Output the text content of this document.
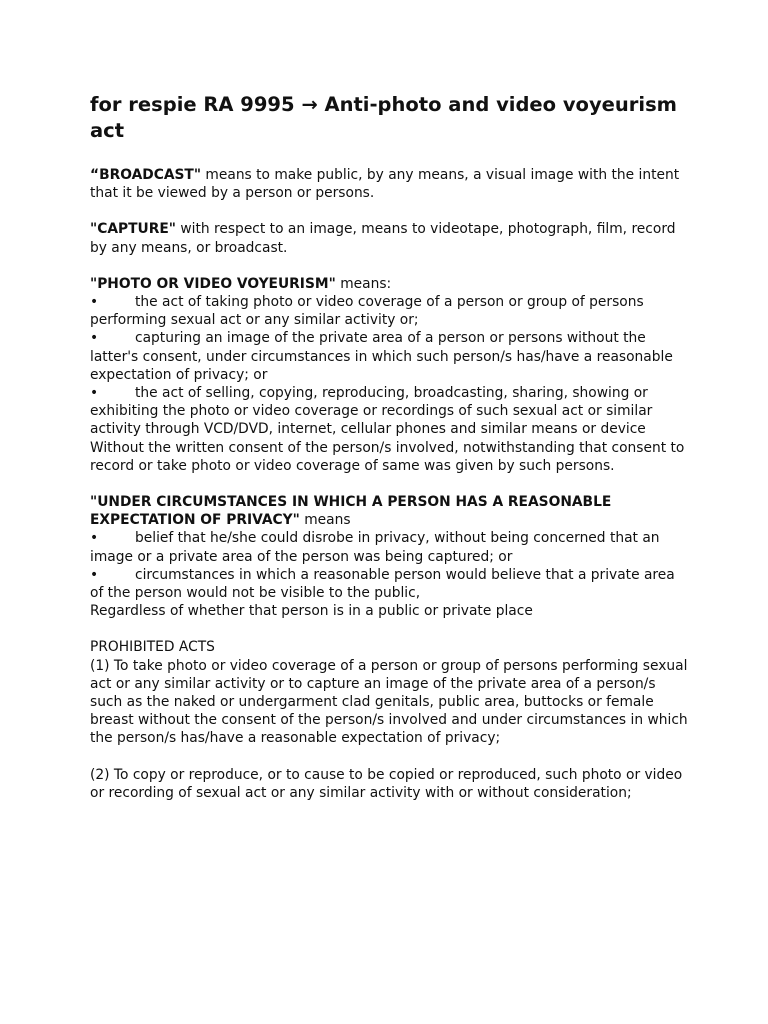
for respie RA 9995 → Anti-photo and video voyeurism act
“BROADCAST" means to make public, by any means, a visual image with the intent that it be viewed by a person or persons.
"CAPTURE" with respect to an image, means to videotape, photograph, film, record by any means, or broadcast.
"PHOTO OR VIDEO VOYEURISM" means:
•	the act of taking photo or video coverage of a person or group of persons performing sexual act or any similar activity or;
•	capturing an image of the private area of a person or persons without the latter's consent, under circumstances in which such person/s has/have a reasonable expectation of privacy; or
•	the act of selling, copying, reproducing, broadcasting, sharing, showing or exhibiting the photo or video coverage or recordings of such sexual act or similar activity through VCD/DVD, internet, cellular phones and similar means or device
Without the written consent of the person/s involved, notwithstanding that consent to record or take photo or video coverage of same was given by such persons.
"UNDER CIRCUMSTANCES IN WHICH A PERSON HAS A REASONABLE EXPECTATION OF PRIVACY" means
•	belief that he/she could disrobe in privacy, without being concerned that an image or a private area of the person was being captured; or
•	circumstances in which a reasonable person would believe that a private area of the person would not be visible to the public,
Regardless of whether that person is in a public or private place
PROHIBITED ACTS
(1) To take photo or video coverage of a person or group of persons performing sexual act or any similar activity or to capture an image of the private area of a person/s such as the naked or undergarment clad genitals, public area, buttocks or female breast without the consent of the person/s involved and under circumstances in which the person/s has/have a reasonable expectation of privacy;
(2) To copy or reproduce, or to cause to be copied or reproduced, such photo or video or recording of sexual act or any similar activity with or without consideration;
